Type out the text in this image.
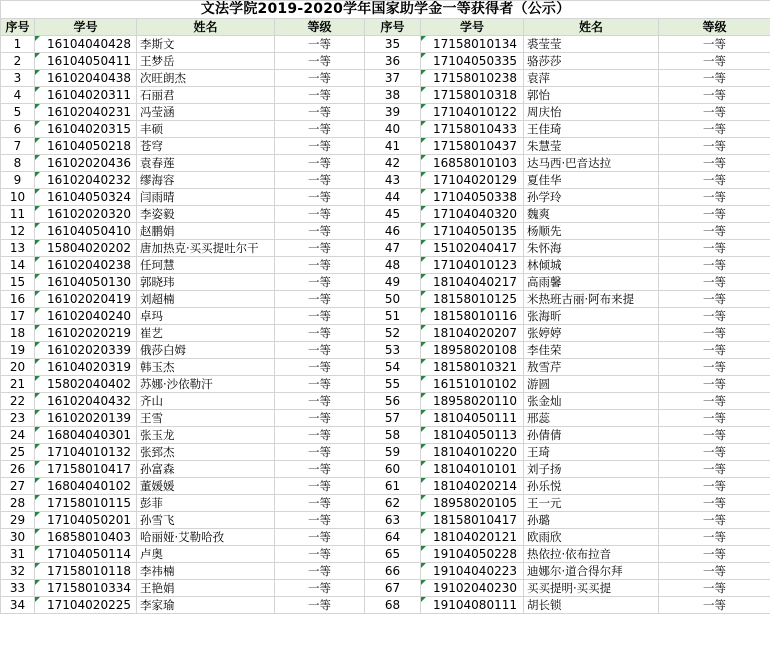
文法学院2019-2020学年国家助学金一等获得者（公示）							
序号	学号	姓名	等级	序号	学号	姓名	等级
1	16104040428	李斯文	一等	35	17158010134	裘莹莹	一等
2	16104050411	王梦岳	一等	36	17104050335	骆莎莎	一等
3	16102040438	次旺朗杰	一等	37	17158010238	袁萍	一等
4	16104020311	石丽君	一等	38	17158010318	郭怡	一等
5	16102040231	冯莹涵	一等	39	17104010122	周庆怡	一等
6	16104020315	丰硕	一等	40	17158010433	王佳琦	一等
7	16104050218	苍穹	一等	41	17158010437	朱慧莹	一等
8	16102020436	袁春莲	一等	42	16858010103	达马西·巴音达拉	一等
9	16102040232	缪海容	一等	43	17104020129	夏佳华	一等
10	16104050324	闫雨晴	一等	44	17104050338	孙学玲	一等
11	16102020320	李姿毅	一等	45	17104040320	魏爽	一等
12	16104050410	赵鹏娟	一等	46	17104050135	杨顺先	一等
13	15804020202	唐加热克·买买提吐尔干	一等	47	15102040417	朱怀海	一等
14	16102040238	任珂慧	一等	48	17104010123	林倾城	一等
15	16104050130	郭晓玮	一等	49	18104040217	高雨馨	一等
16	16102020419	刘超楠	一等	50	18158010125	米热班古丽·阿布来提	一等
17	16102040240	卓玛	一等	51	18158010116	张海昕	一等
18	16102020219	崔艺	一等	52	18104020207	张婷婷	一等
19	16102020339	俄莎白姆	一等	53	18958020108	李佳荣	一等
20	16104020319	韩玉杰	一等	54	18158010321	敖雪芹	一等
21	15802040402	苏娜·沙依勒汗	一等	55	16151010102	游圆	一等
22	16102040432	齐山	一等	56	18958020110	张金灿	一等
23	16102020139	王雪	一等	57	18104050111	邢蕊	一等
24	16804040301	张玉龙	一等	58	18104050113	孙倩倩	一等
25	17104010132	张郅杰	一等	59	18104010220	王琦	一等
26	17158010417	孙富森	一等	60	18104010101	刘子扬	一等
27	16804040102	董媛媛	一等	61	18104020214	孙乐悦	一等
28	17158010115	彭菲	一等	62	18958020105	王一元	一等
29	17104050201	孙雪飞	一等	63	18158010417	孙璐	一等
30	16858010403	哈丽娅·艾勒哈孜	一等	64	18104020121	欧雨欣	一等
31	17104050114	卢奥	一等	65	19104050228	热依拉·依布拉音	一等
32	17158010118	李祎楠	一等	66	19104040223	迪娜尔·道合得尔拜	一等
33	17158010334	王艳娟	一等	67	19102040230	买买提明·买买提	一等
34	17104020225	李家瑜	一等	68	19104080111	胡长锁	一等
